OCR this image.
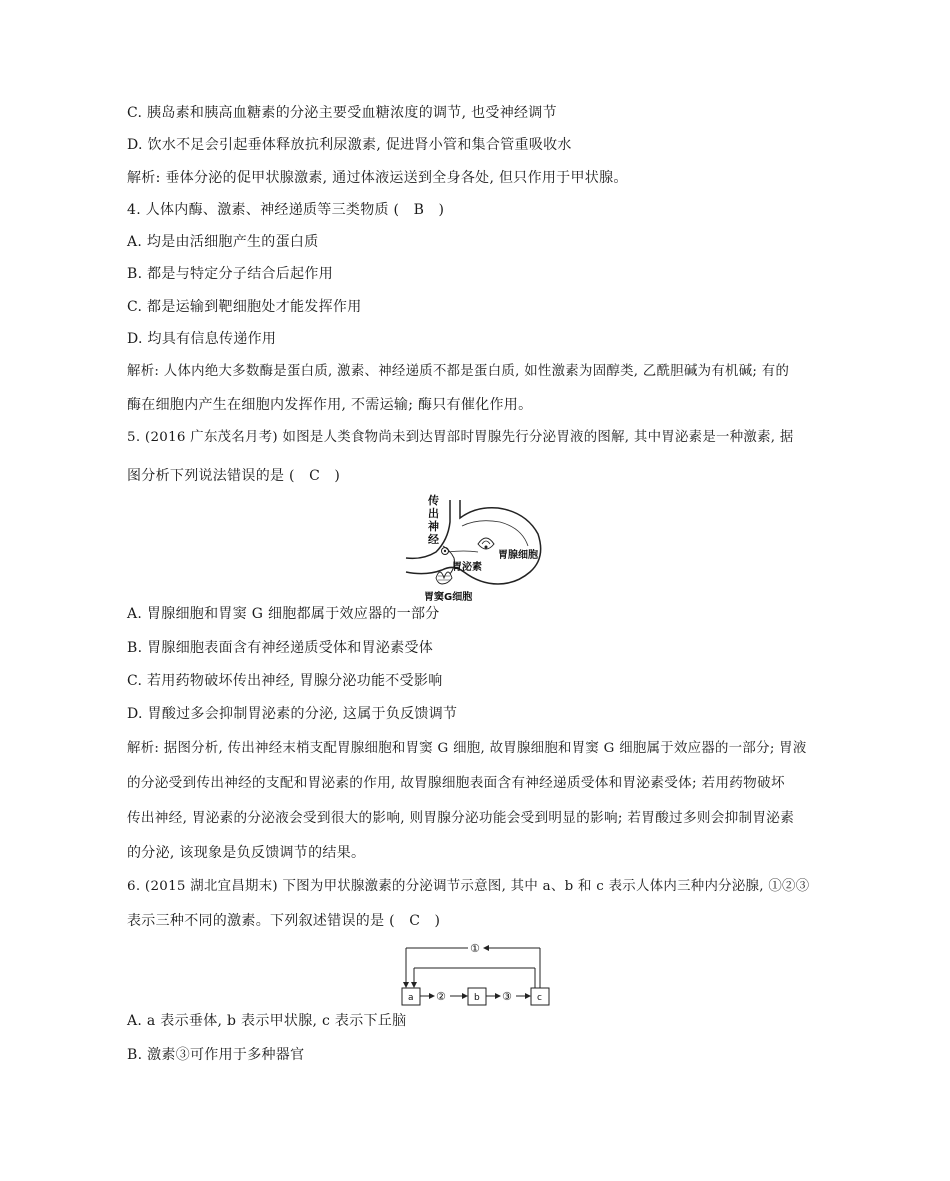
C. 胰岛素和胰高血糖素的分泌主要受血糖浓度的调节, 也受神经调节
D. 饮水不足会引起垂体释放抗利尿激素, 促进肾小管和集合管重吸收水
解析: 垂体分泌的促甲状腺激素, 通过体液运送到全身各处, 但只作用于甲状腺。
4. 人体内酶、激素、神经递质等三类物质 (　B　)
A. 均是由活细胞产生的蛋白质
B. 都是与特定分子结合后起作用
C. 都是运输到靶细胞处才能发挥作用
D. 均具有信息传递作用
解析: 人体内绝大多数酶是蛋白质, 激素、神经递质不都是蛋白质, 如性激素为固醇类, 乙酰胆碱为有机碱; 有的
酶在细胞内产生在细胞内发挥作用, 不需运输; 酶只有催化作用。
5. (2016 广东茂名月考) 如图是人类食物尚未到达胃部时胃腺先行分泌胃液的图解, 其中胃泌素是一种激素, 据
图分析下列说法错误的是 (　C　)
传
出
神
经
胃腺细胞
胃泌素
胃窦G细胞
A. 胃腺细胞和胃窦 G 细胞都属于效应器的一部分
B. 胃腺细胞表面含有神经递质受体和胃泌素受体
C. 若用药物破坏传出神经, 胃腺分泌功能不受影响
D. 胃酸过多会抑制胃泌素的分泌, 这属于负反馈调节
解析: 据图分析, 传出神经末梢支配胃腺细胞和胃窦 G 细胞, 故胃腺细胞和胃窦 G 细胞属于效应器的一部分; 胃液
的分泌受到传出神经的支配和胃泌素的作用, 故胃腺细胞表面含有神经递质受体和胃泌素受体; 若用药物破坏
传出神经, 胃泌素的分泌液会受到很大的影响, 则胃腺分泌功能会受到明显的影响; 若胃酸过多则会抑制胃泌素
的分泌, 该现象是负反馈调节的结果。
6. (2015 湖北宜昌期末) 下图为甲状腺激素的分泌调节示意图, 其中 a、b 和 c 表示人体内三种内分泌腺, ①②③
表示三种不同的激素。下列叙述错误的是 (　C　)
a	b	c
②	③
①
A. a 表示垂体, b 表示甲状腺, c 表示下丘脑
B. 激素③可作用于多种器官
